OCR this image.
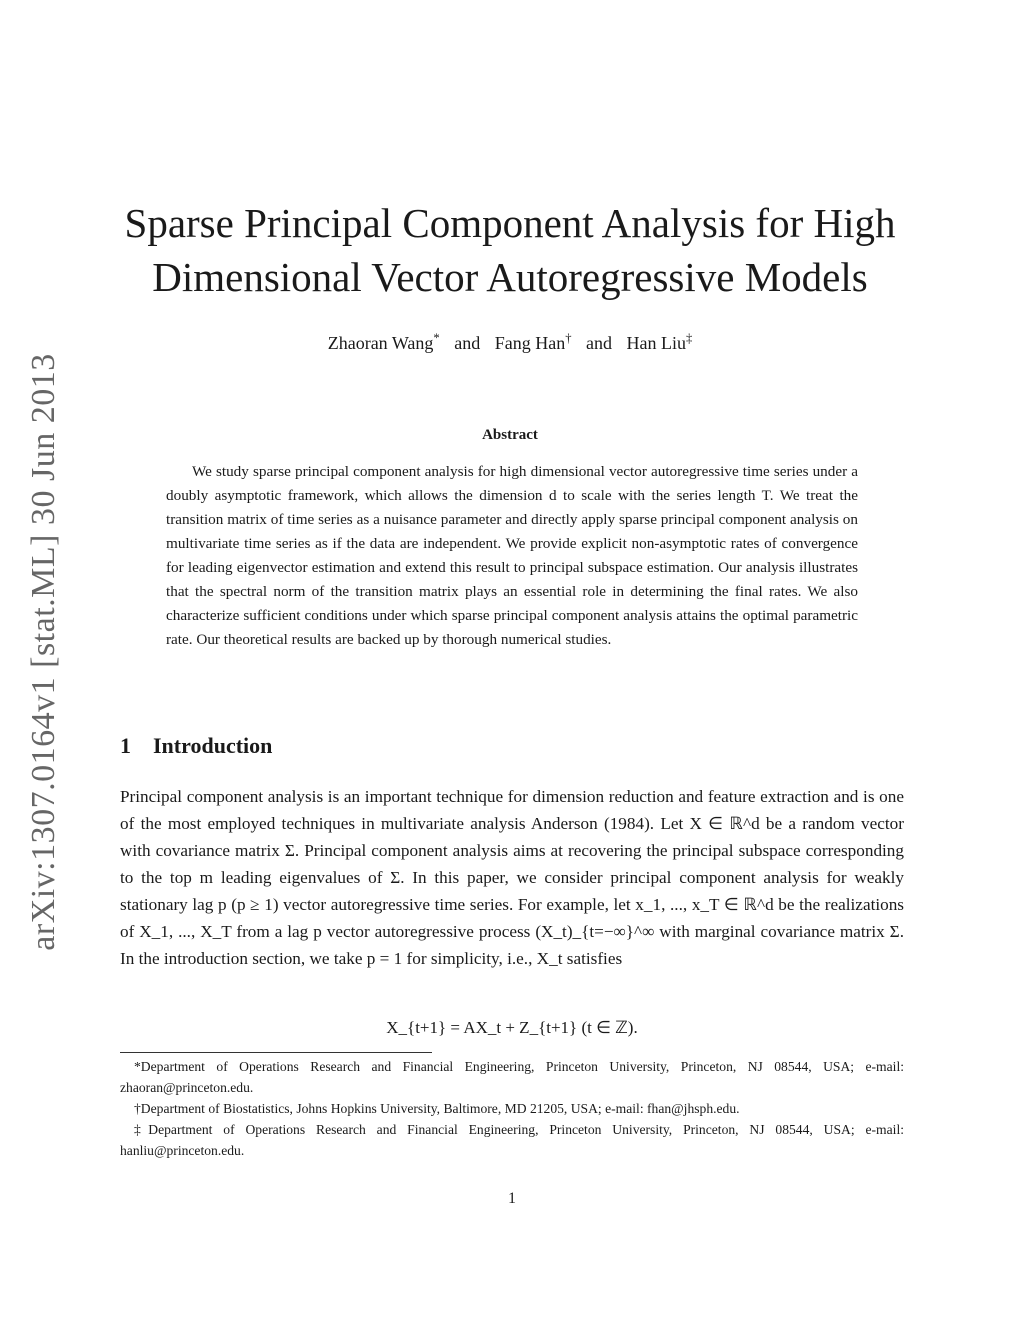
arXiv:1307.0164v1 [stat.ML] 30 Jun 2013
Sparse Principal Component Analysis for High
Dimensional Vector Autoregressive Models
Zhaoran Wang* and Fang Han† and Han Liu‡
Abstract

We study sparse principal component analysis for high dimensional vector autoregressive time series under a doubly asymptotic framework, which allows the dimension d to scale with the series length T. We treat the transition matrix of time series as a nuisance parameter and directly apply sparse principal component analysis on multivariate time series as if the data are independent. We provide explicit non-asymptotic rates of convergence for leading eigenvector estimation and extend this result to principal subspace estimation. Our analysis illustrates that the spectral norm of the transition matrix plays an essential role in determining the final rates. We also characterize sufficient conditions under which sparse principal component analysis attains the optimal parametric rate. Our theoretical results are backed up by thorough numerical studies.

1 Introduction

Principal component analysis is an important technique for dimension reduction and feature extraction and is one of the most employed techniques in multivariate analysis Anderson (1984). Let X ∈ ℝ^d be a random vector with covariance matrix Σ. Principal component analysis aims at recovering the principal subspace corresponding to the top m leading eigenvalues of Σ. In this paper, we consider principal component analysis for weakly stationary lag p (p ≥ 1) vector autoregressive time series. For example, let x_1, ..., x_T ∈ ℝ^d be the realizations of X_1, ..., X_T from a lag p vector autoregressive process (X_t)_{t=−∞}^∞ with marginal covariance matrix Σ. In the introduction section, we take p = 1 for simplicity, i.e., X_t satisfies

X_{t+1} = AX_t + Z_{t+1} (t ∈ ℤ).

*Department of Operations Research and Financial Engineering, Princeton University, Princeton, NJ 08544, USA; e-mail: zhaoran@princeton.edu.

†Department of Biostatistics, Johns Hopkins University, Baltimore, MD 21205, USA; e-mail: fhan@jhsph.edu.

‡Department of Operations Research and Financial Engineering, Princeton University, Princeton, NJ 08544, USA; e-mail: hanliu@princeton.edu.

1
